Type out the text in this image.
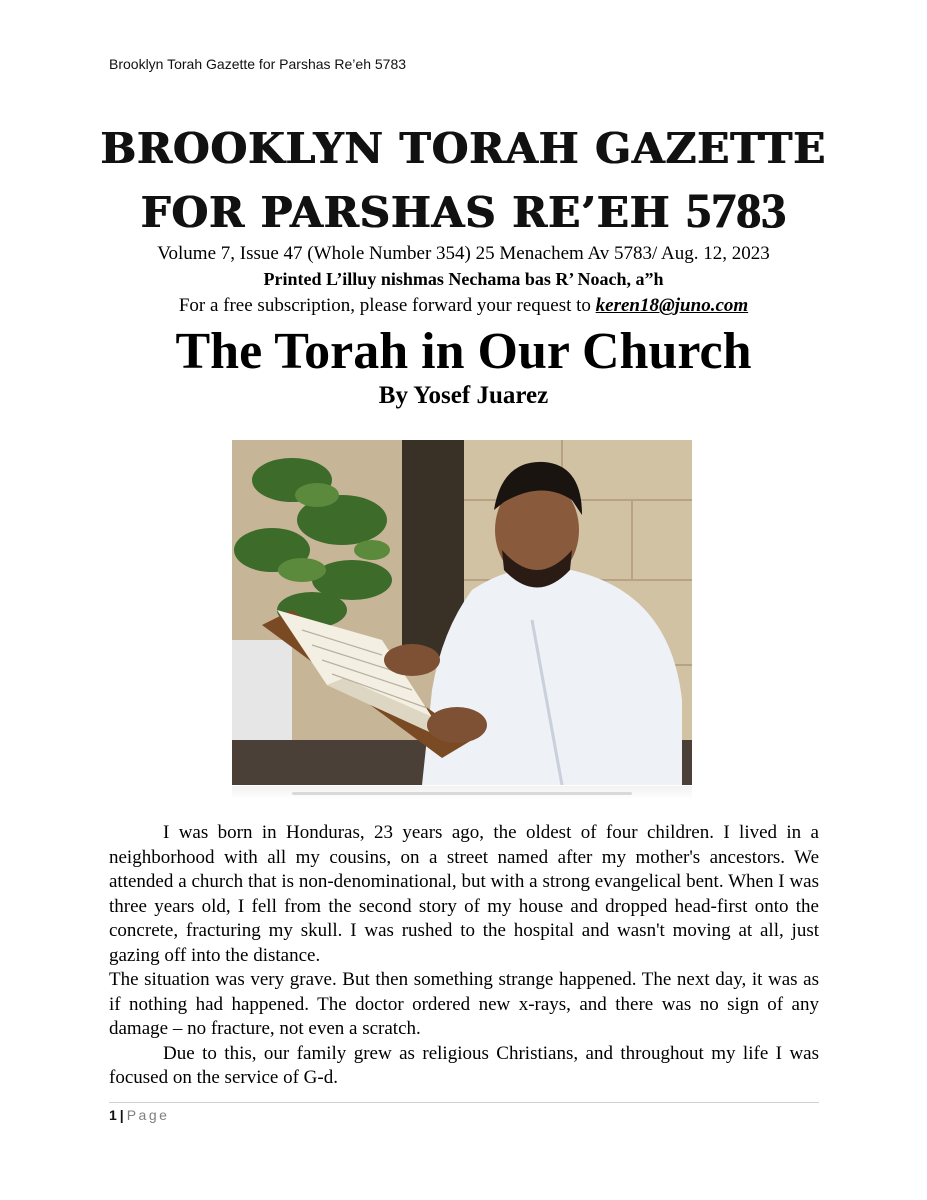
Brooklyn Torah Gazette for Parshas Re’eh 5783
BROOKLYN TORAH GAZETTE
FOR PARSHAS RE’EH 5783
Volume 7, Issue 47 (Whole Number 354) 25 Menachem Av 5783/ Aug. 12, 2023
Printed L’illuy nishmas Nechama bas R’ Noach, a”h
For a free subscription, please forward your request to keren18@juno.com
The Torah in Our Church
By Yosef Juarez

I was born in Honduras, 23 years ago, the oldest of four children. I lived in a neighborhood with all my cousins, on a street named after my mother's ancestors. We attended a church that is non-denominational, but with a strong evangelical bent. When I was three years old, I fell from the second story of my house and dropped head-first onto the concrete, fracturing my skull. I was rushed to the hospital and wasn't moving at all, just gazing off into the distance.

The situation was very grave. But then something strange happened. The next day, it was as if nothing had happened. The doctor ordered new x-rays, and there was no sign of any damage – no fracture, not even a scratch.

Due to this, our family grew as religious Christians, and throughout my life I was focused on the service of G-d.

1 | Page
